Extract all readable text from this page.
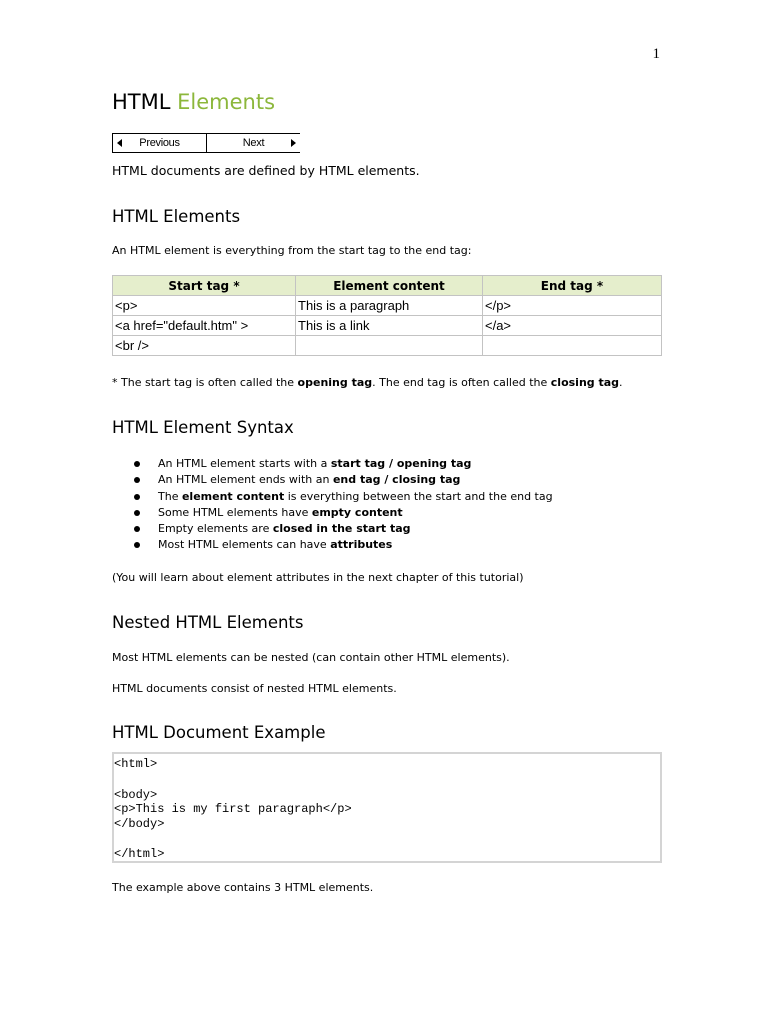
1
HTML Elements
Previous	Next

HTML documents are defined by HTML elements.

HTML Elements

An HTML element is everything from the start tag to the end tag:

Start tag *	Element content	End tag *
<p>	This is a paragraph	</p>
<a href="default.htm" >	This is a link	</a>
<br />		

* The start tag is often called the opening tag. The end tag is often called the closing tag.

HTML Element Syntax
An HTML element starts with a start tag / opening tag
An HTML element ends with an end tag / closing tag
The element content is everything between the start and the end tag
Some HTML elements have empty content
Empty elements are closed in the start tag
Most HTML elements can have attributes

(You will learn about element attributes in the next chapter of this tutorial)

Nested HTML Elements

Most HTML elements can be nested (can contain other HTML elements).

HTML documents consist of nested HTML elements.

HTML Document Example
<html>
<body>
<p>This is my first paragraph</p>
</body>
</html>

The example above contains 3 HTML elements.
